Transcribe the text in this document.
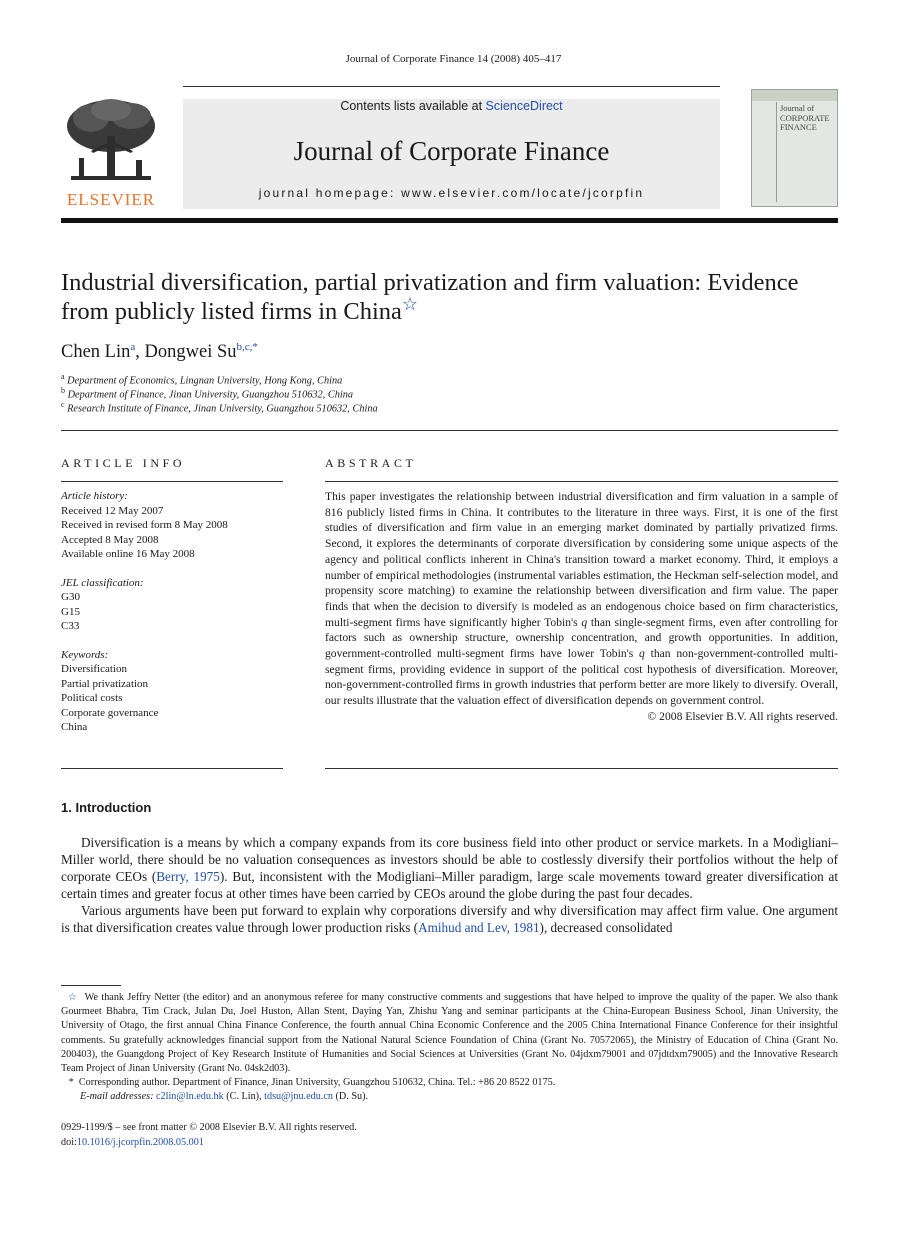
Journal of Corporate Finance 14 (2008) 405–417
ELSEVIER
Contents lists available at ScienceDirect
Journal of Corporate Finance
journal homepage: www.elsevier.com/locate/jcorpfin
Journal of
CORPORATE
FINANCE
Industrial diversification, partial privatization and firm valuation: Evidence from publicly listed firms in China☆
Chen Lin$^a$, Dongwei $Su^{b,c,*}$
$^a$ Department of Economics, Lingnan University, Hong Kong, China
$^b$ Department of Finance, Jinan University, Guangzhou 510632, China
$^c$ Research Institute of Finance, Jinan University, Guangzhou 510632, China
ARTICLE INFO
Article history:
Received 12 May 2007
Received in revised form 8 May 2008
Accepted 8 May 2008
Available online 16 May 2008
JEL classification:
G30
G15
C33
Keywords:
Diversification
Partial privatization
Political costs
Corporate governance
China
ABSTRACT
This paper investigates the relationship between industrial diversification and firm valuation in a sample of 816 publicly listed firms in China. It contributes to the literature in three ways. First, it is one of the first studies of diversification and firm value in an emerging market dominated by partially privatized firms. Second, it explores the determinants of corporate diversification by considering some unique aspects of the agency and political conflicts inherent in China's transition toward a market economy. Third, it employs a number of empirical methodologies (instrumental variables estimation, the Heckman self-selection model, and propensity score matching) to examine the relationship between diversification and firm value. The paper finds that when the decision to diversify is modeled as an endogenous choice based on firm characteristics, multi-segment firms have significantly higher Tobin's q than single-segment firms, even after controlling for factors such as ownership structure, ownership concentration, and growth opportunities. In addition, government-controlled multi-segment firms have lower Tobin's q than non-government-controlled multi-segment firms, providing evidence in support of the political cost hypothesis of diversification. Moreover, non-government-controlled firms in growth industries that perform better are more likely to diversify. Overall, our results illustrate that the valuation effect of diversification depends on government control.
© 2008 Elsevier B.V. All rights reserved.
1. Introduction

Diversification is a means by which a company expands from its core business field into other product or service markets. In a Modigliani–Miller world, there should be no valuation consequences as investors should be able to costlessly diversify their portfolios without the help of corporate CEOs (Berry, 1975). But, inconsistent with the Modigliani–Miller paradigm, large scale movements toward greater diversification at certain times and greater focus at other times have been carried by CEOs around the globe during the past four decades.

Various arguments have been put forward to explain why corporations diversify and why diversification may affect firm value. One argument is that diversification creates value through lower production risks (Amihud and Lev, 1981), decreased consolidated

☆ We thank Jeffry Netter (the editor) and an anonymous referee for many constructive comments and suggestions that have helped to improve the quality of the paper. We also thank Gourmeet Bhabra, Tim Crack, Julan Du, Joel Huston, Allan Stent, Daying Yan, Zhishu Yang and seminar participants at the China-European Business School, Jinan University, the University of Otago, the first annual China Finance Conference, the fourth annual China Economic Conference and the 2005 China International Finance Conference for their insightful comments. Su gratefully acknowledges financial support from the National Natural Science Foundation of China (Grant No. 70572065), the Ministry of Education of China (Grant No. 200403), the Guangdong Project of Key Research Institute of Humanities and Social Sciences at Universities (Grant No. 04jdxm79001 and 07jdtdxm79005) and the Innovative Research Team Project of Jinan University (Grant No. 04sk2d03).

* Corresponding author. Department of Finance, Jinan University, Guangzhou 510632, China. Tel.: +86 20 8522 0175.

E-mail addresses: c2lin@ln.edu.hk (C. Lin), tdsu@jnu.edu.cn (D. Su).

0929-1199/$ – see front matter © 2008 Elsevier B.V. All rights reserved.
doi:10.1016/j.jcorpfin.2008.05.001
